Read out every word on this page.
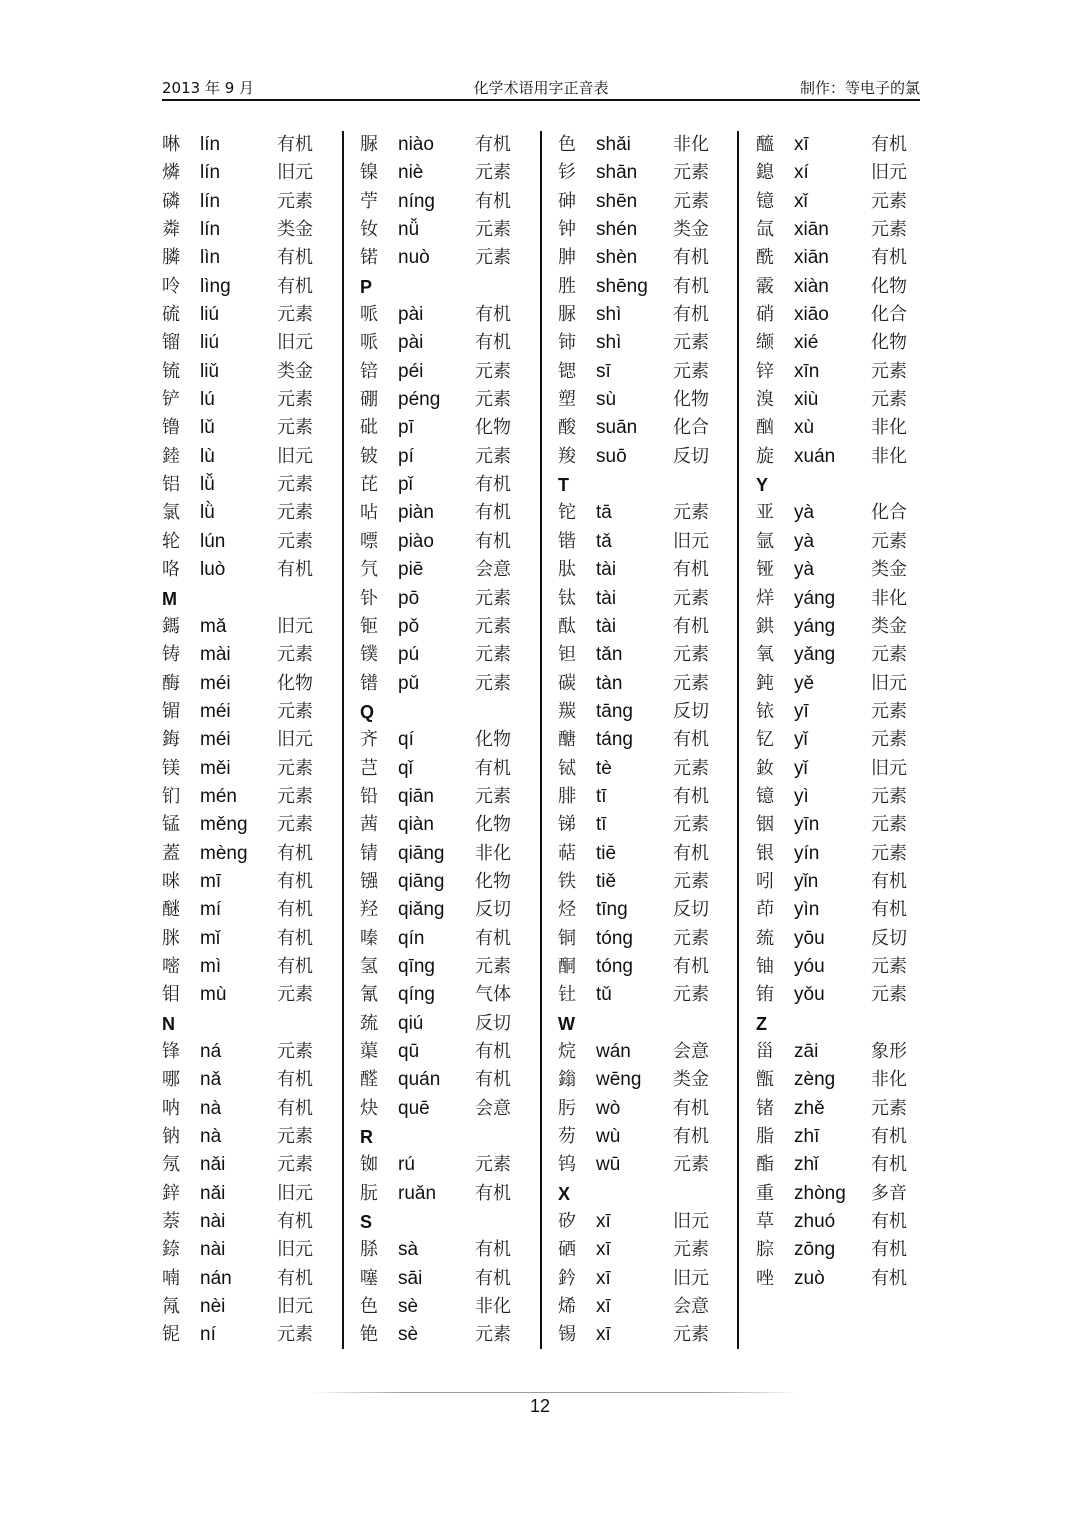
2013 年 9 月	化学术语用字正音表	制作：等电子的氯
啉	lín	有机
燐	lín	旧元
磷	lín	元素
粦	lín	类金
膦	lìn	有机
呤	lìng	有机
硫	liú	元素
镏	liú	旧元
锍	liǔ	类金
铲	lú	元素
镥	lǔ	元素
錴	lù	旧元
铝	lǚ	元素
氯	lǜ	元素
轮	lún	元素
咯	luò	有机
M
鎷	mǎ	旧元
铸	mài	元素
酶	méi	化物
镅	méi	元素
鋂	méi	旧元
镁	měi	元素
钔	mén 元素
锰	měng 元素
蓋	mèng 有机
咪	mī	有机
醚	mí	有机
脒	mǐ	有机
嘧	mì	有机
钼	mù	元素
N
锋	ná	元素
哪	nǎ	有机
呐	nà	有机
钠	nà	元素
氖	nǎi	元素
鋅	nǎi	旧元
萘	nài	有机
錼	nài	旧元
喃	nán	有机
氝	nèi	旧元
铌	ní	元素
脲	niào 有机
镍	niè	元素
苧	níng 有机
钕	nǚ	元素
锘	nuò	元素
P
哌	pài	有机
哌	pài	有机
锫	péi	元素
硼	péng 元素
砒	pī	化物
铍	pí	元素
芘	pǐ	有机
呫	piàn 有机
嘌	piào 有机
氕	piē	会意
钋	pō	元素
钷	pǒ	元素
镤	pú	元素
镨	pǔ	元素
Q
齐	qí	化物
芑	qǐ	有机
铅	qiān 元素
茜	qiàn 化物
锖	qiāng 非化
镪	qiāng 化物
羟	qiǎng 反切
嗪	qín	有机
氢	qīng 元素
氰	qíng 气体
巯	qiú	反切
蕖	qū	有机
醛	quán 有机
炔	quē	会意
R
铷	rú	元素
朊	ruǎn 有机
S
脎	sà	有机
噻	sāi	有机
色	sè	非化
铯	sè	元素
色	shǎi 非化
钐	shān 元素
砷	shēn 元素
钟	shén 类金
胂	shèn 有机
胜	shēng 有机
脲	shì	有机
铈	shì	元素
锶	sī	元素
塑	sù	化物
酸	suān 化合
羧	suō	反切
T
铊	tā	元素
锴	tǎ	旧元
肽	tài	有机
钛	tài	元素
酞	tài	有机
钽	tǎn	元素
碳	tàn	元素
羰	tāng 反切
醣	táng 有机
铽	tè	元素
腓	tī	有机
锑	tī	元素
萜	tiē	有机
铁	tiě	元素
烃	tīng	反切
铜	tóng 元素
酮	tóng 有机
钍	tǔ	元素
W
烷	wán 会意
鎓	wēng 类金
肟	wò	有机
芴	wù	有机
钨	wū	元素
X
矽	xī	旧元
硒	xī	元素
鈐	xī	旧元
烯	xī	会意
锡	xī	元素
醯	xī	有机
鎴	xí	旧元
镱	xǐ	元素
氙	xiān 元素
酰	xiān 有机
霰	xiàn 化物
硝	xiāo 化合
缬	xié	化物
锌	xīn	元素
溴	xiù	元素
酗	xù	非化
旋	xuán 非化
Y
亚	yà	化合
氩	yà	元素
铔	yà	类金
烊	yáng 非化
鉷	yáng 类金
氧	yǎng 元素
鈍	yě	旧元
铱	yī	元素
钇	yǐ	元素
釹	yǐ	旧元
镱	yì	元素
铟	yīn	元素
银	yín	元素
吲	yǐn	有机
茚	yìn	有机
巯	yōu	反切
铀	yóu	元素
铕	yǒu	元素
Z
甾	zāi	象形
甑	zèng 非化
锗	zhě	元素
脂	zhī	有机
酯	zhǐ	有机
重	zhòng 多音
草	zhuó 有机
腙	zōng 有机
唑	zuò	有机
12
